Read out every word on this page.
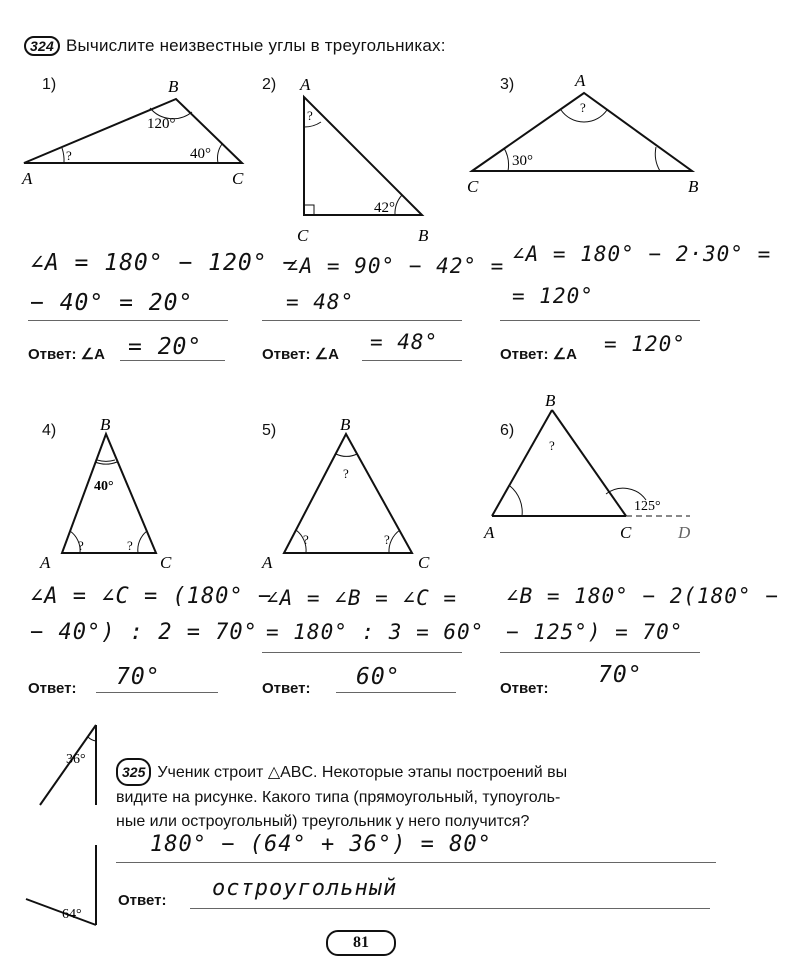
324 Вычислите неизвестные углы в треугольниках:
1)	2)	3)
A
B
C
120°
40°
?
A
C	B
?
42°
A
C	B
?
30°
∠A = 180° − 120° −
− 40° = 20°
∠A = 90° − 42° =
= 48°
∠A = 180° − 2·30° =
= 120°
Ответ: ∠A = 20°	Ответ: ∠A
= 48°
Ответ: ∠A = 120°
4)	5)	6)
B
A	C
40°
?	?
B
A	C
?
?	?
B
A	C	D
?
125°
∠A = ∠C = (180° −
− 40°) : 2 = 70°
∠A = ∠B = ∠C =
= 180° : 3 = 60°
∠B = 180° − 2(180° −
− 125°) = 70°
Ответ: 70°	Ответ: 60°	Ответ:
70°
36°
64°
325 Ученик строит △ABC. Некоторые этапы построений вы
видите на рисунке. Какого типа (прямоугольный, тупоуголь-
ные или остроугольный) треугольник у него получится?
180° − (64° + 36°) = 80°
Ответ: остроугольный
81
